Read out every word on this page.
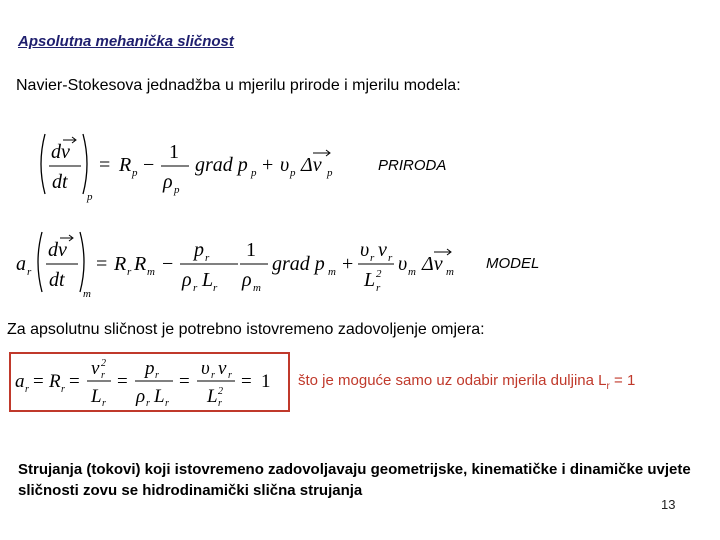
Apsolutna mehanička sličnost
Navier-Stokesova jednadžba u mjerilu prirode i mjerilu modela:
dv
dt
p
= R p −
1
ρ p
grad p p + υ p Δv p	PRIRODA
a r
dv
dt
m
= R r R m −
p r
ρ r L r
1
ρ m
grad p m +
υ r v r
L r
2 υ m Δv m MODEL
Za apsolutnu sličnost je potrebno istovremeno zadovoljenje omjera:
a r = R r =
v r
2
L r
=
p r
ρ r L r
=
υ r v r
L r
2 = 1 što je moguće samo uz odabir mjerila duljina $L_r = 1$
Strujanja (tokovi) koji istovremeno zadovoljavaju geometrijske, kinematičke i dinamičke uvjete sličnosti zovu se hidrodinamički slična strujanja
13
